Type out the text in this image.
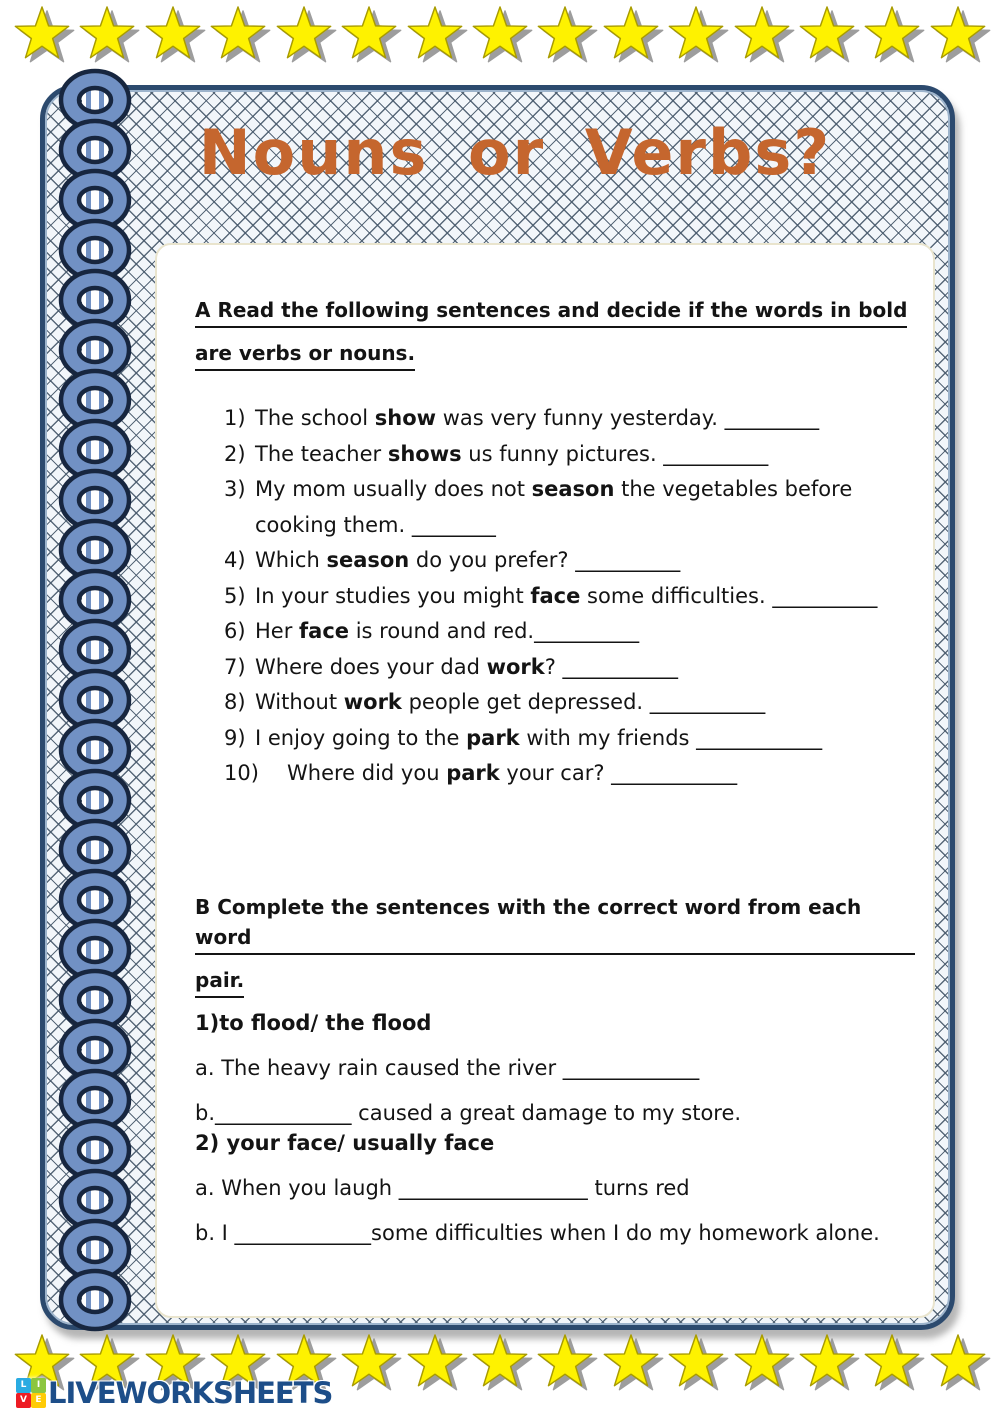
Nouns or Verbs?
A Read the following sentences and decide if the words in bold
are verbs or nouns.
1) The school show was very funny yesterday. _________
2) The teacher shows us funny pictures. __________
3) My mom usually does not season the vegetables before
cooking them. ________
4) Which season do you prefer? __________
5) In your studies you might face some difficulties. __________
6) Her face is round and red.__________
7) Where does your dad work? ___________
8) Without work people get depressed. ___________
9) I enjoy going to the park with my friends ____________
10) Where did you park your car? ____________
B Complete the sentences with the correct word from each word
pair.
1)to flood/ the flood
a. The heavy rain caused the river _____________
b._____________ caused a great damage to my store.
2) your face/ usually face
a. When you laugh __________________ turns red
b. I _____________some difficulties when I do my homework alone.
L	I
V E LIVEWORKSHEETS
